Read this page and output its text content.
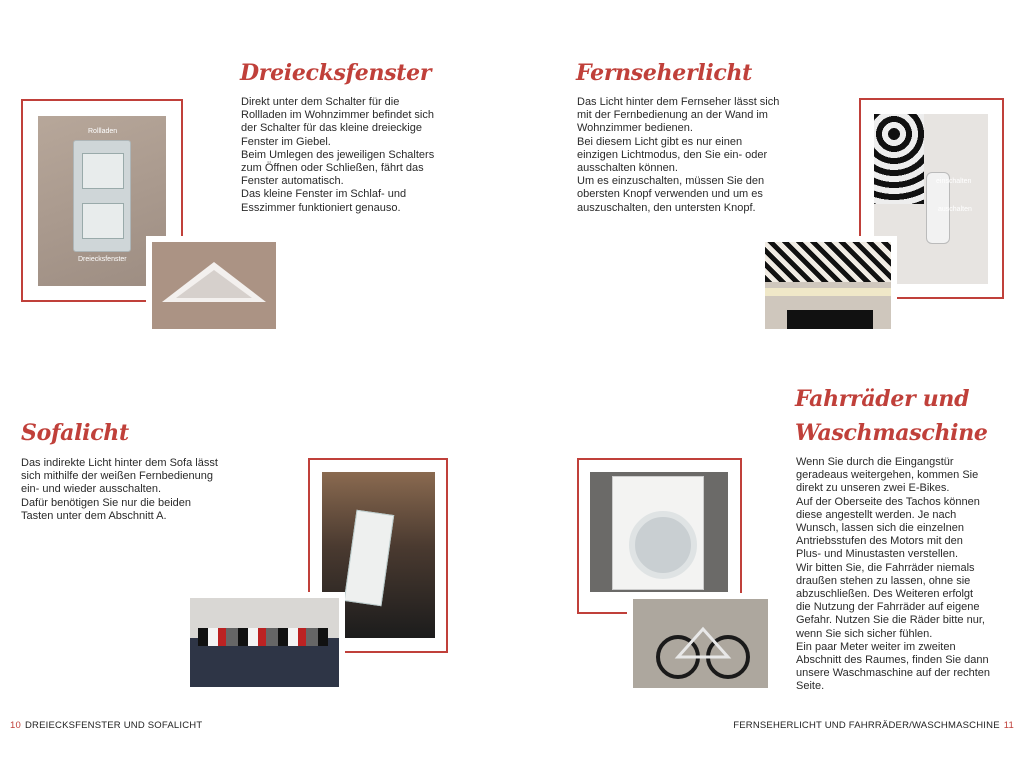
Dreiecksfenster
Direkt unter dem Schalter für die
Rollladen im Wohnzimmer befindet sich
der Schalter für das kleine dreieckige
Fenster im Giebel.
Beim Umlegen des jeweiligen Schalters
zum Öffnen oder Schließen, fährt das
Fenster automatisch.
Das kleine Fenster im Schlaf- und
Esszimmer funktioniert genauso.
Rollladen
Dreiecksfenster
Fernseherlicht
Das Licht hinter dem Fernseher lässt sich
mit der Fernbedienung an der Wand im
Wohnzimmer bedienen.
Bei diesem Licht gibt es nur einen
einzigen Lichtmodus, den Sie ein- oder
ausschalten können.
Um es einzuschalten, müssen Sie den
obersten Knopf verwenden und um es
auszuschalten, den untersten Knopf.
einschalten
auschalten
Sofalicht
Das indirekte Licht hinter dem Sofa lässt
sich mithilfe der weißen Fernbedienung
ein- und wieder ausschalten.
Dafür benötigen Sie nur die beiden
Tasten unter dem Abschnitt A.
Fahrräder und
Waschmaschine
Wenn Sie durch die Eingangstür
geradeaus weitergehen, kommen Sie
direkt zu unseren zwei E-Bikes.
Auf der Oberseite des Tachos können
diese angestellt werden. Je nach
Wunsch, lassen sich die einzelnen
Antriebsstufen des Motors mit den
Plus- und Minustasten verstellen.
Wir bitten Sie, die Fahrräder niemals
draußen stehen zu lassen, ohne sie
abzuschließen. Des Weiteren erfolgt
die Nutzung der Fahrräder auf eigene
Gefahr. Nutzen Sie die Räder bitte nur,
wenn Sie sich sicher fühlen.
Ein paar Meter weiter im zweiten
Abschnitt des Raumes, finden Sie dann
unsere Waschmaschine auf der rechten
Seite.
10 DREIECKSFENSTER UND SOFALICHT	FERNSEHERLICHT UND FAHRRÄDER/WASCHMASCHINE 11
